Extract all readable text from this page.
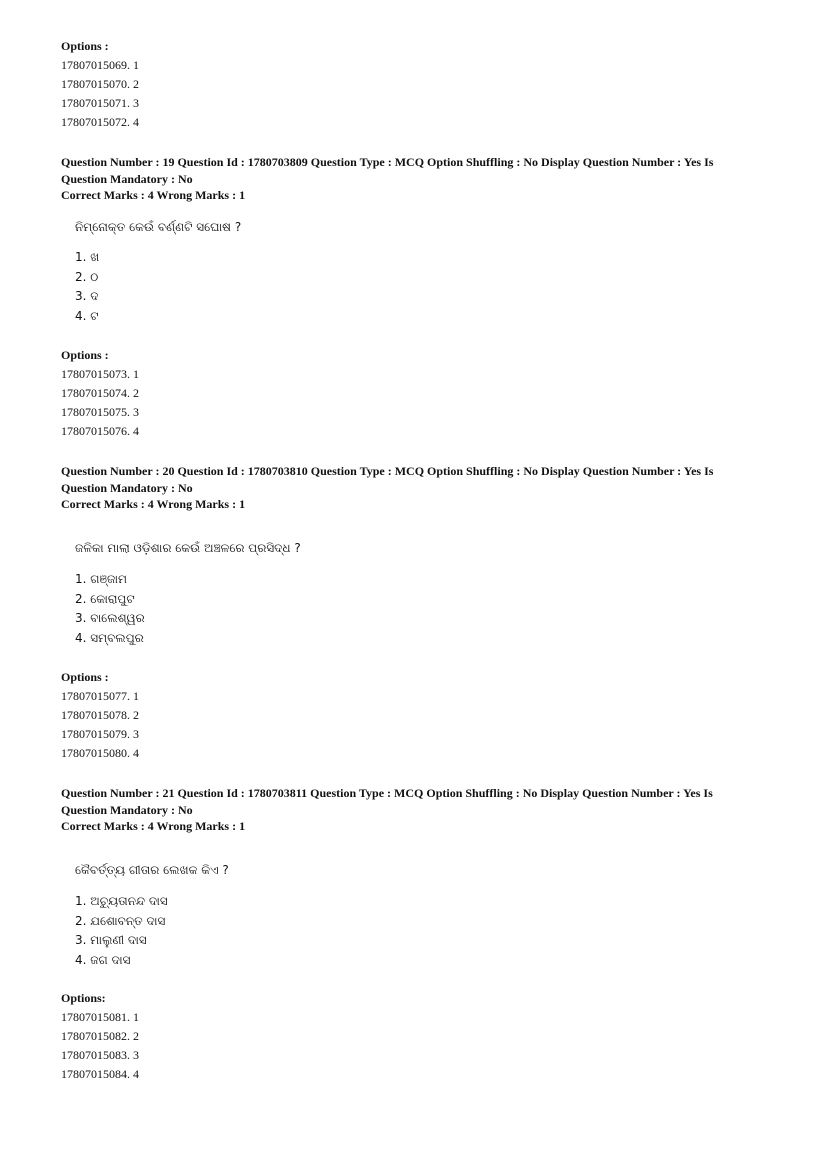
Options :
17807015069. 1
17807015070. 2
17807015071. 3
17807015072. 4
Question Number : 19 Question Id : 1780703809 Question Type : MCQ Option Shuffling : No Display Question Number : Yes Is
Question Mandatory : No
Correct Marks : 4 Wrong Marks : 1
ନିମ୍ନୋକ୍ତ କେଉଁ ବର୍ଣ୍ଣଟି ସଘୋଷ ?
1. ଖ
2. ଠ
3. ଦ
4. ଟ
Options :
17807015073. 1
17807015074. 2
17807015075. 3
17807015076. 4
Question Number : 20 Question Id : 1780703810 Question Type : MCQ Option Shuffling : No Display Question Number : Yes Is
Question Mandatory : No
Correct Marks : 4 Wrong Marks : 1
ଜଳିକା ମାଲା ଓଡ଼ିଶାର କେଉଁ ଅଞ୍ଚଳରେ ପ୍ରସିଦ୍ଧ ?
1. ଗଞ୍ଜାମ
2. କୋରାପୁଟ
3. ବାଲେଶ୍ୱର
4. ସମ୍ବଲପୁର
Options :
17807015077. 1
17807015078. 2
17807015079. 3
17807015080. 4
Question Number : 21 Question Id : 1780703811 Question Type : MCQ Option Shuffling : No Display Question Number : Yes Is
Question Mandatory : No
Correct Marks : 4 Wrong Marks : 1
କୈବର୍ତ୍ତ୍ୟ ଗୀତାର ଲେଖକ କିଏ ?
1. ଅଚ୍ୟୁତାନନ୍ଦ ଦାସ
2. ଯଶୋବନ୍ତ ଦାସ
3. ମାଲୁଣୀ ଦାସ
4. ଜଗ ଦାସ
Options:
17807015081. 1
17807015082. 2
17807015083. 3
17807015084. 4
